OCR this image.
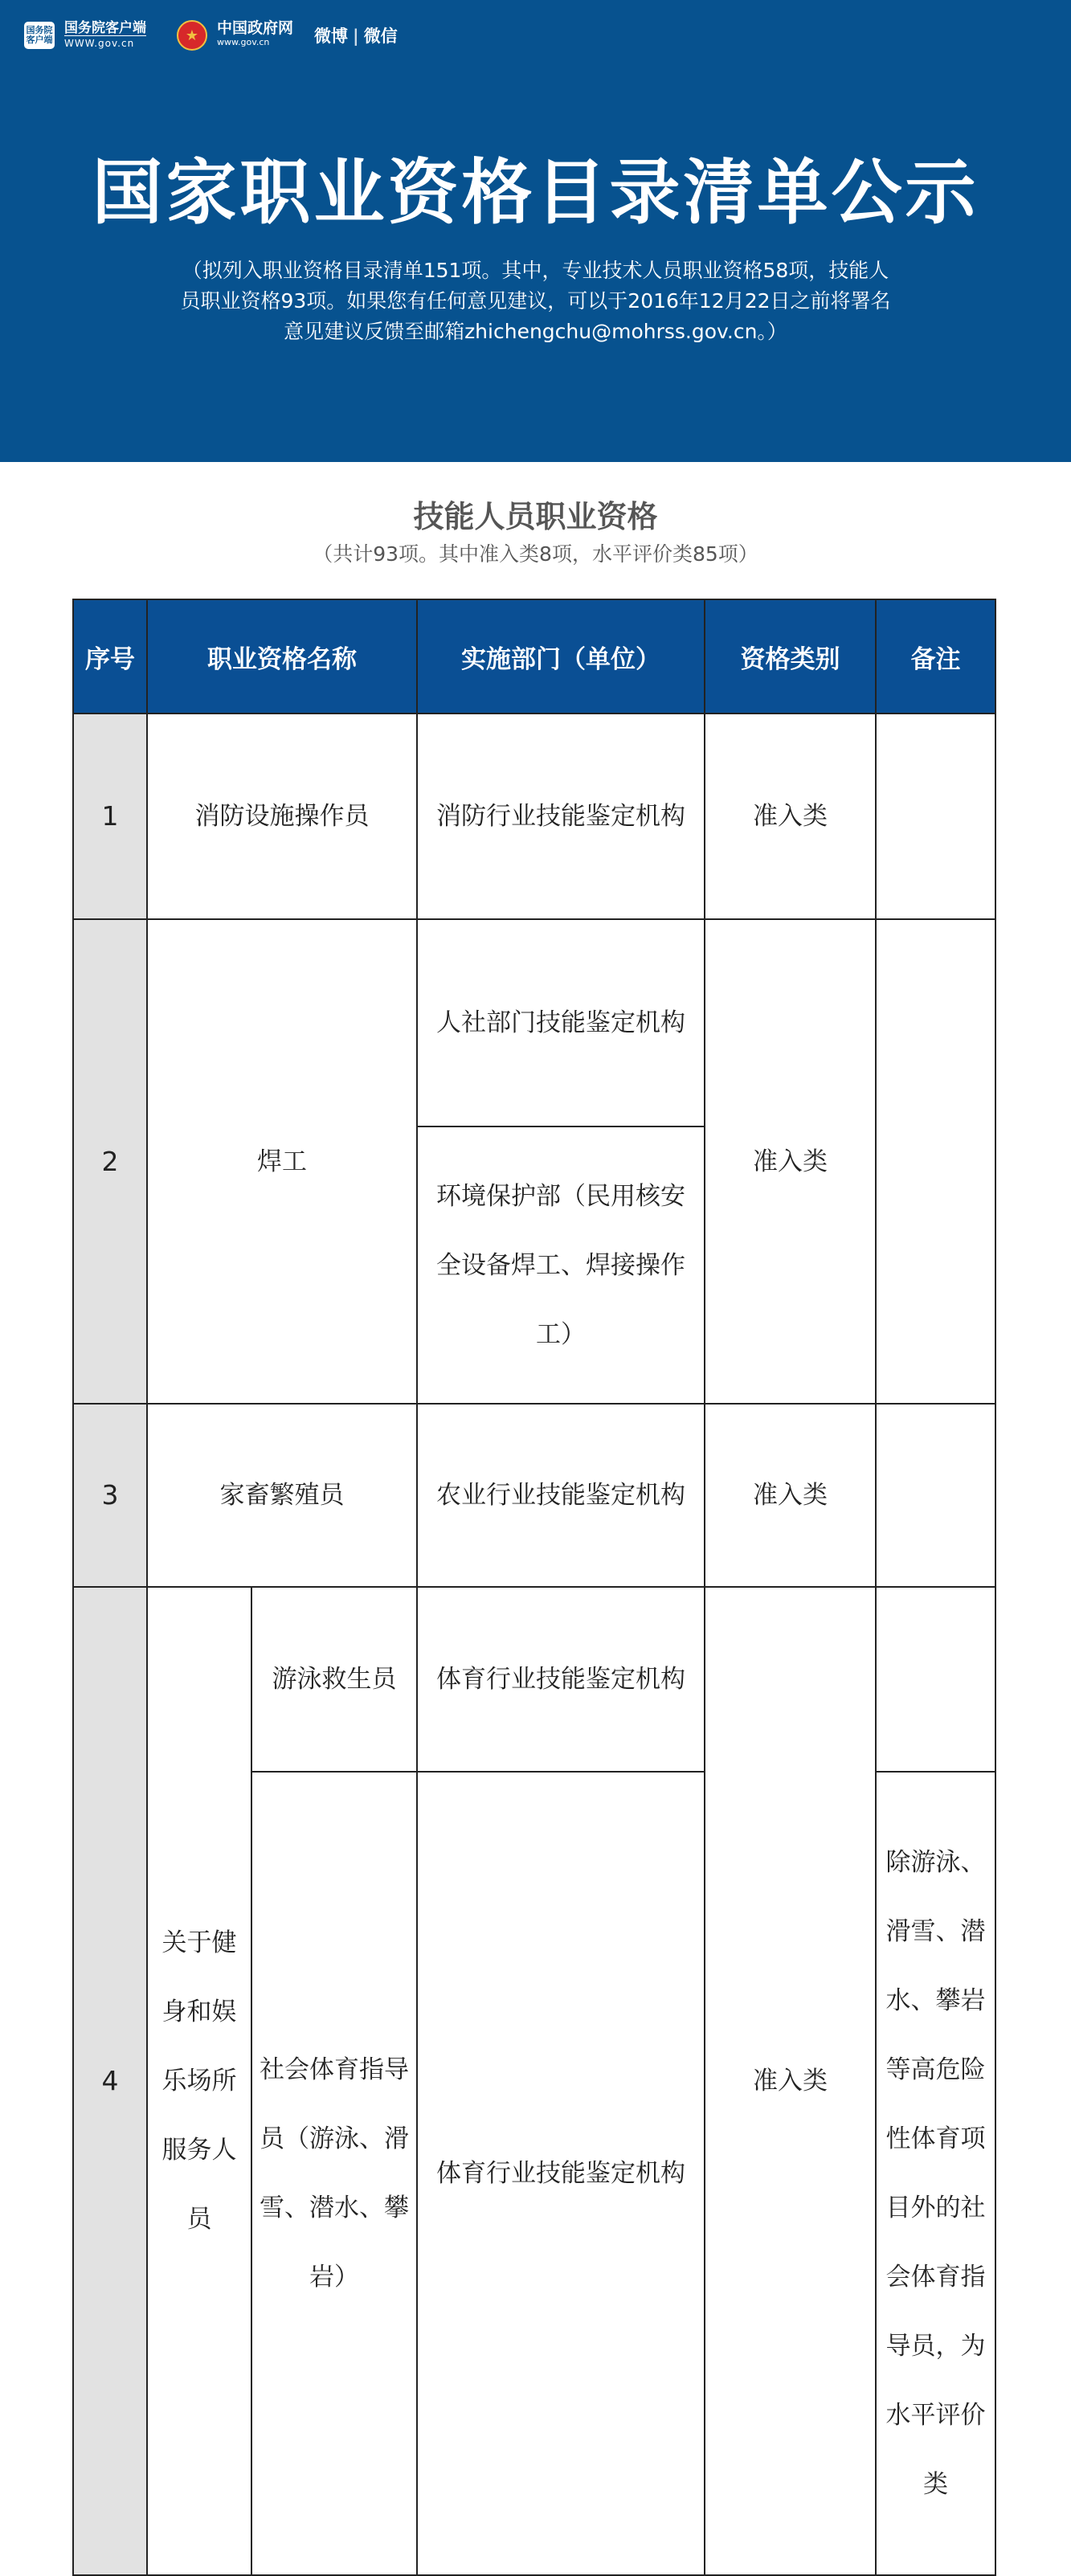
国务院客户端
国务院客户端
WWW.gov.cn	★	中国政府网
www.gov.cn	微博 | 微信
国家职业资格目录清单公示
（拟列入职业资格目录清单151项。其中，专业技术人员职业资格58项，技能人员职业资格93项。如果您有任何意见建议，可以于2016年12月22日之前将署名意见建议反馈至邮箱zhichengchu@mohrss.gov.cn。）
技能人员职业资格
（共计93项。其中准入类8项，水平评价类85项）
序号	职业资格名称		实施部门（单位）	资格类别	备注
1	消防设施操作员		消防行业技能鉴定机构	准入类	
2	焊工		人社部门技能鉴定机构	准入类	
			环境保护部（民用核安全设备焊工、焊接操作工）		
3	家畜繁殖员		农业行业技能鉴定机构	准入类	
4	关于健身和娱乐场所服务人员	游泳救生员	体育行业技能鉴定机构	准入类	
		社会体育指导员（游泳、滑雪、潜水、攀岩）	体育行业技能鉴定机构		除游泳、滑雪、潜水、攀岩等高危险性体育项目外的社会体育指导员，为水平评价类
